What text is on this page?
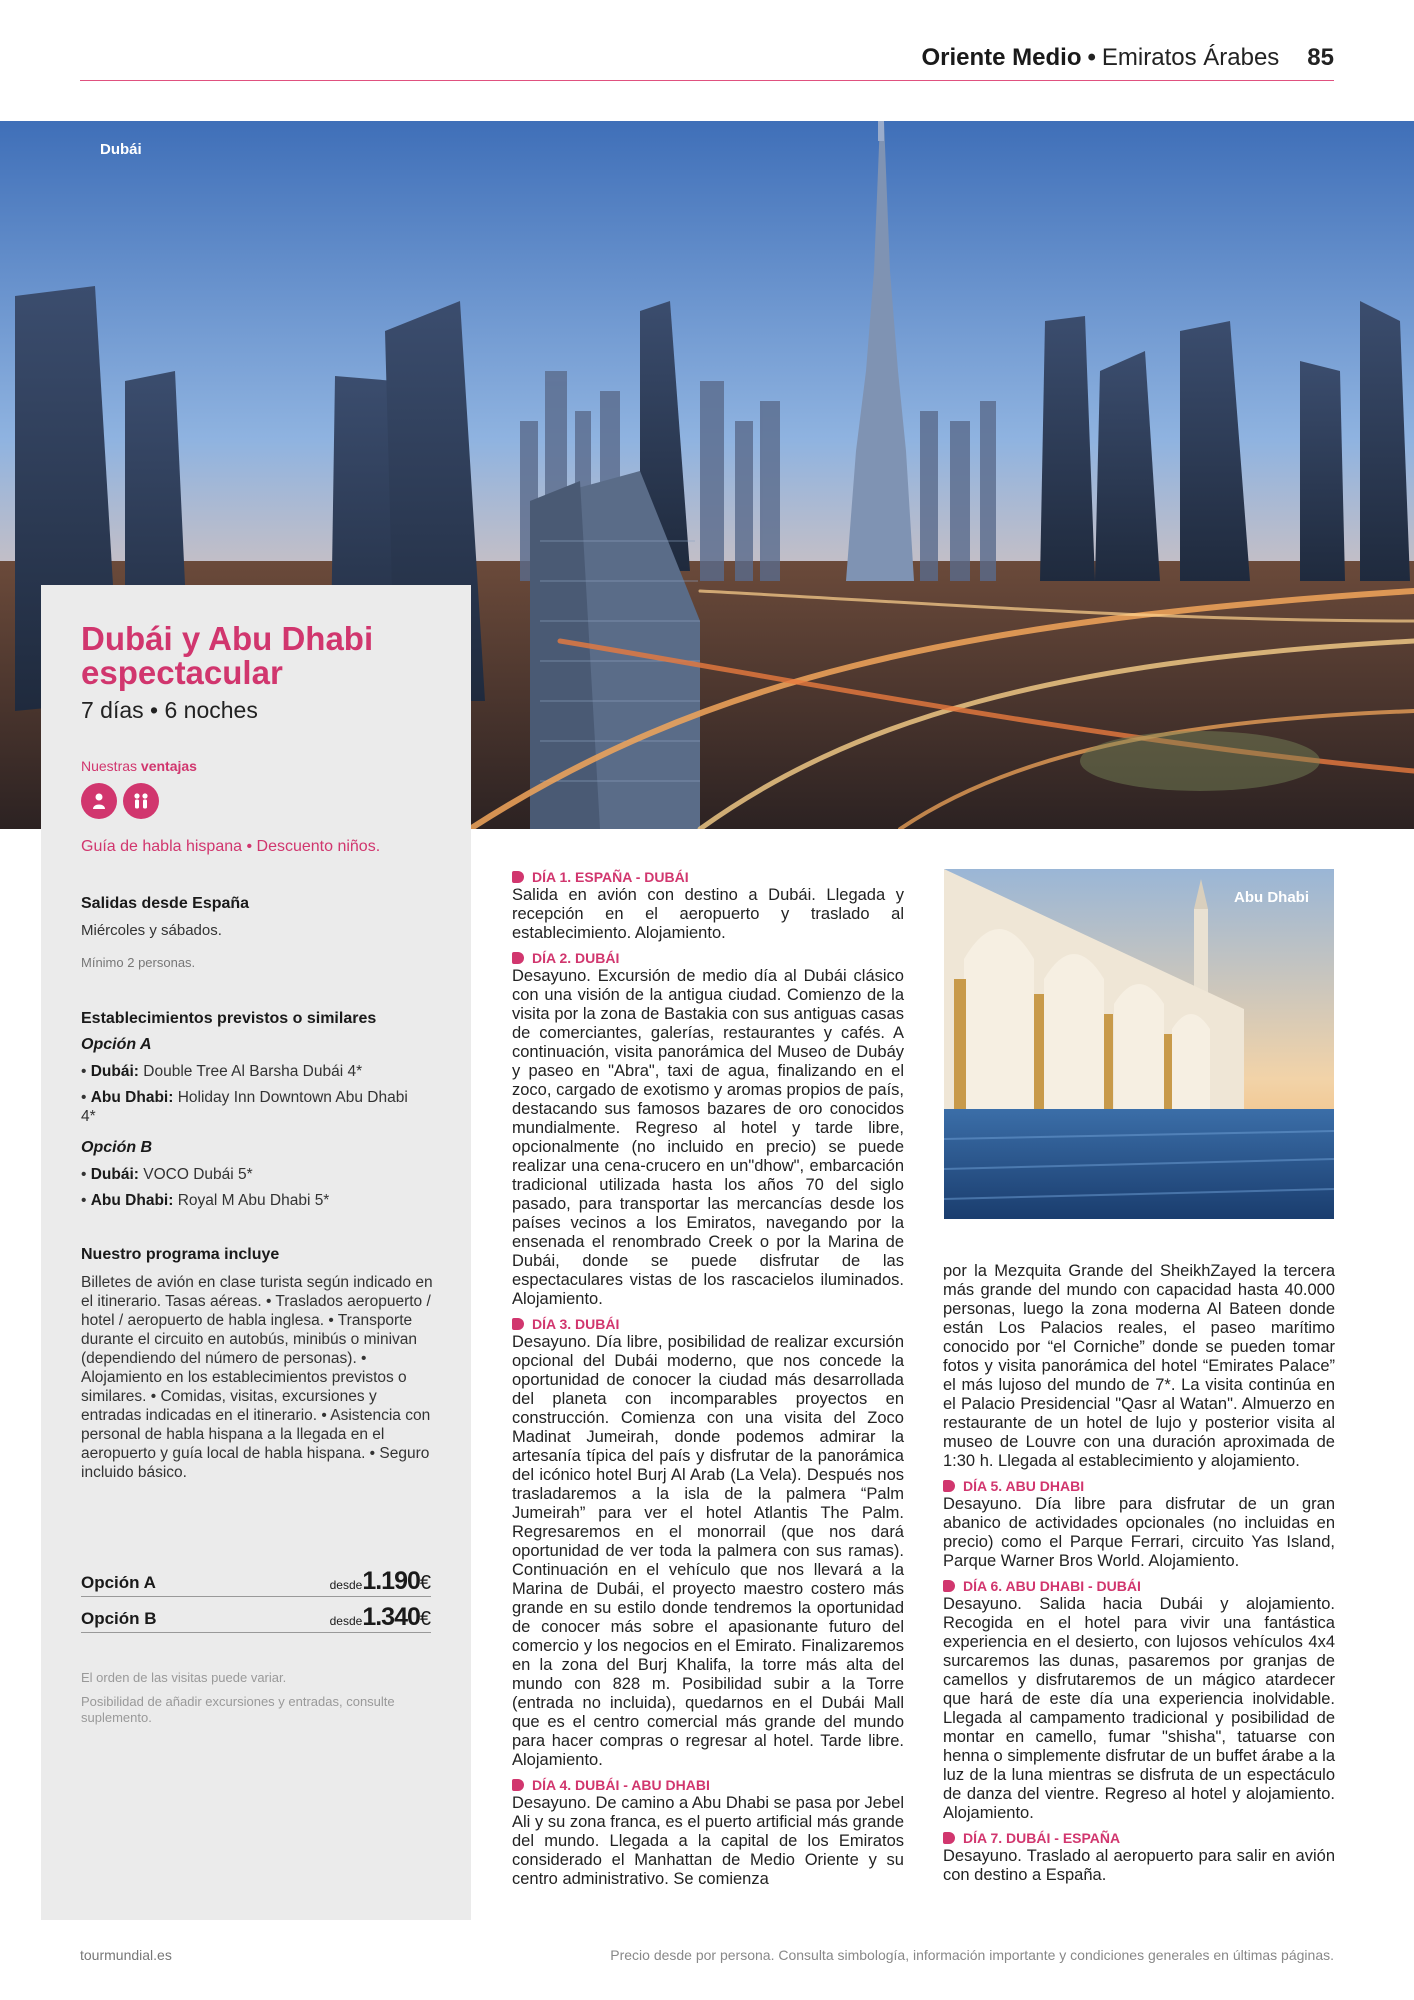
Oriente Medio • Emiratos Árabes 85
Dubái
Dubái y Abu Dhabi espectacular
7 días • 6 noches
Nuestras ventajas
Guía de habla hispana • Descuento niños.
Salidas desde España
Miércoles y sábados.
Mínimo 2 personas.
Establecimientos previstos o similares
Opción A
• Dubái: Double Tree Al Barsha Dubái 4*
• Abu Dhabi: Holiday Inn Downtown Abu Dhabi 4*
Opción B
• Dubái: VOCO Dubái 5*
• Abu Dhabi: Royal M Abu Dhabi 5*
Nuestro programa incluye
Billetes de avión en clase turista según indicado en el itinerario. Tasas aéreas. • Traslados aeropuerto / hotel / aeropuerto de habla inglesa. • Transporte durante el circuito en autobús, minibús o minivan (dependiendo del número de personas). • Alojamiento en los establecimientos previstos o similares. • Comidas, visitas, excursiones y entradas indicadas en el itinerario. • Asistencia con personal de habla hispana a la llegada en el aeropuerto y guía local de habla hispana. • Seguro incluido básico.
Opción A	desde1.190€
Opción B	desde1.340€
El orden de las visitas puede variar.
Posibilidad de añadir excursiones y entradas, consulte suplemento.
DÍA 1. ESPAÑA - DUBÁI
Salida en avión con destino a Dubái. Llegada y recepción en el aeropuerto y traslado al establecimiento. Alojamiento.
DÍA 2. DUBÁI
Desayuno. Excursión de medio día al Dubái clásico con una visión de la antigua ciudad. Comienzo de la visita por la zona de Bastakia con sus antiguas casas de comerciantes, galerías, restaurantes y cafés. A continuación, visita panorámica del Museo de Dubáy y paseo en "Abra", taxi de agua, finalizando en el zoco, cargado de exotismo y aromas propios de país, destacando sus famosos bazares de oro conocidos mundialmente. Regreso al hotel y tarde libre, opcionalmente (no incluido en precio) se puede realizar una cena-crucero en un"dhow", embarcación tradicional utilizada hasta los años 70 del siglo pasado, para transportar las mercancías desde los países vecinos a los Emiratos, navegando por la ensenada el renombrado Creek o por la Marina de Dubái, donde se puede disfrutar de las espectaculares vistas de los rascacielos iluminados. Alojamiento.
DÍA 3. DUBÁI
Desayuno. Día libre, posibilidad de realizar excursión opcional del Dubái moderno, que nos concede la oportunidad de conocer la ciudad más desarrollada del planeta con incomparables proyectos en construcción. Comienza con una visita del Zoco Madinat Jumeirah, donde podemos admirar la artesanía típica del país y disfrutar de la panorámica del icónico hotel Burj Al Arab (La Vela). Después nos trasladaremos a la isla de la palmera “Palm Jumeirah” para ver el hotel Atlantis The Palm. Regresaremos en el monorrail (que nos dará oportunidad de ver toda la palmera con sus ramas). Continuación en el vehículo que nos llevará a la Marina de Dubái, el proyecto maestro costero más grande en su estilo donde tendremos la oportunidad de conocer más sobre el apasionante futuro del comercio y los negocios en el Emirato. Finalizaremos en la zona del Burj Khalifa, la torre más alta del mundo con 828 m. Posibilidad subir a la Torre (entrada no incluida), quedarnos en el Dubái Mall que es el centro comercial más grande del mundo para hacer compras o regresar al hotel. Tarde libre. Alojamiento.
DÍA 4. DUBÁI - ABU DHABI
Desayuno. De camino a Abu Dhabi se pasa por Jebel Ali y su zona franca, es el puerto artificial más grande del mundo. Llegada a la capital de los Emiratos considerado el Manhattan de Medio Oriente y su centro administrativo. Se comienza
Abu Dhabi
por la Mezquita Grande del SheikhZayed la tercera más grande del mundo con capacidad hasta 40.000 personas, luego la zona moderna Al Bateen donde están Los Palacios reales, el paseo marítimo conocido por “el Corniche” donde se pueden tomar fotos y visita panorámica del hotel “Emirates Palace” el más lujoso del mundo de 7*. La visita continúa en el Palacio Presidencial "Qasr al Watan". Almuerzo en restaurante de un hotel de lujo y posterior visita al museo de Louvre con una duración aproximada de 1:30 h. Llegada al establecimiento y alojamiento.
DÍA 5. ABU DHABI
Desayuno. Día libre para disfrutar de un gran abanico de actividades opcionales (no incluidas en precio) como el Parque Ferrari, circuito Yas Island, Parque Warner Bros World. Alojamiento.
DÍA 6. ABU DHABI - DUBÁI
Desayuno. Salida hacia Dubái y alojamiento. Recogida en el hotel para vivir una fantástica experiencia en el desierto, con lujosos vehículos 4x4 surcaremos las dunas, pasaremos por granjas de camellos y disfrutaremos de un mágico atardecer que hará de este día una experiencia inolvidable. Llegada al campamento tradicional y posibilidad de montar en camello, fumar "shisha", tatuarse con henna o simplemente disfrutar de un buffet árabe a la luz de la luna mientras se disfruta de un espectáculo de danza del vientre. Regreso al hotel y alojamiento. Alojamiento.
DÍA 7. DUBÁI - ESPAÑA
Desayuno. Traslado al aeropuerto para salir en avión con destino a España.
tourmundial.es	Precio desde por persona. Consulta simbología, información importante y condiciones generales en últimas páginas.
